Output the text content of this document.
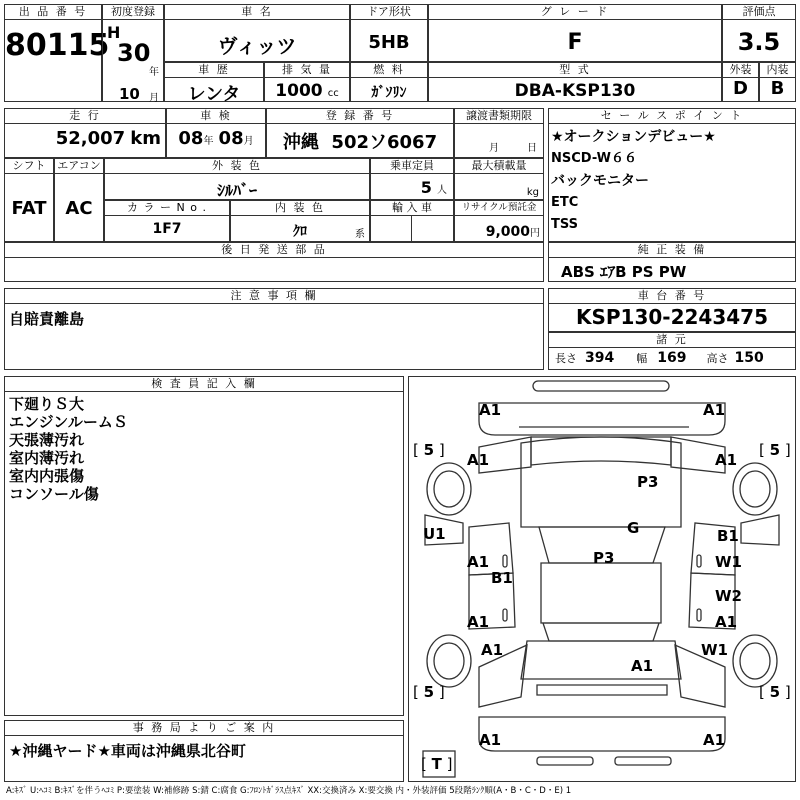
出 品 番 号
80115
初度登録
H
30
年
10 月
車 名
ヴィッツ
ドア形状
5HB
グ レ ー ド
F
評価点
3.5
車 歴
レンタ
排 気 量
1000 cc
燃 料
ｶﾞｿﾘﾝ
型 式
DBA-KSP130
外装
D
内装
B
走 行
52,007 km
車 検
08年 08月
登 録 番 号
沖縄  502ソ6067
譲渡書類期限
月	日
シフト
FAT
エアコン
AC
外 装 色
ｼﾙﾊﾞｰ
乗車定員
5 人
最大積載量
kg
カ ラ ー N o .
1F7
内 装 色
ｸﾛ	系
輸 入 車	リサイクル預託金
9,000円
後 日 発 送 部 品
セ ー ル ス ポ イ ン ト
★オークションデビュー★
NSCD-W６６
バックモニター
ETC
TSS
純 正 装 備
ABS ｴｱB PS PW
注 意 事 項 欄
自賠責離島
車 台 番 号
KSP130-2243475
諸 元
長さ 394 幅 169 高さ 150
検 査 員 記 入 欄
下廻りＳ大
エンジンルームＳ
天張薄汚れ
室内薄汚れ
室内内張傷
コンソール傷
事 務 局 よ り ご 案 内
★沖縄ヤード★車両は沖縄県北谷町
A1	A1
A1	A1
P3
G
P3
U1
A1
B1
A1
A1
B1
W1
W2
A1
W1
A1
A1	A1
[ 5 ]	[ 5 ]
[ 5 ]	[ 5 ]
[ T ]
A:ｷｽﾞ U:ﾍｺﾐ B:ｷｽﾞを伴うﾍｺﾐ P:要塗装 W:補修跡 S:錆 C:腐食 G:ﾌﾛﾝﾄｶﾞﾗｽ点ｷｽﾞ XX:交換済み X:要交換 内・外装評価 5段階ﾗﾝｸ順(A・B・C・D・E) 1
